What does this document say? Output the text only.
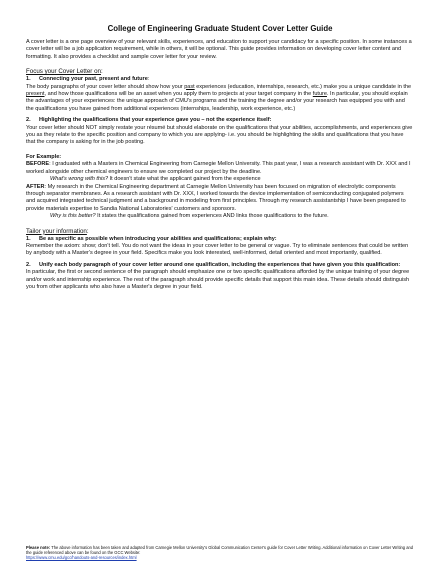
College of Engineering Graduate Student Cover Letter Guide

A cover letter is a one page overview of your relevant skills, experiences, and education to support your candidacy for a specific position. In some instances a cover letter will be a job application requirement, while in others, it will be optional. This guide provides information on developing cover letter content and formatting. It also provides a checklist and sample cover letter for your review.

Focus your Cover Letter on:

1.	Connecting your past, present and future:

The body paragraphs of your cover letter should show how your past experiences (education, internships, research, etc.) make you a unique candidate in the present, and how those qualifications will be an asset when you apply them to projects at your target company in the future. In particular, you should explain the advantages of your experiences: the unique approach of CMU's programs and the training the degree and/or your research has equipped you with and the qualifications you have gained from additional experiences (internships, leadership, work experience, etc.)

2.	Highlighting the qualifications that your experience gave you – not the experience itself:

Your cover letter should NOT simply restate your résumé but should elaborate on the qualifications that your abilities, accomplishments, and experiences give you as they relate to the specific position and company to which you are applying- i.e. you should be highlighting the skills and qualifications that you have that the company is asking for in the job posting.

For Example:

BEFORE: I graduated with a Masters in Chemical Engineering from Carnegie Mellon University. This past year, I was a research assistant with Dr. XXX and I worked alongside other chemical engineers to ensure we completed our project by the deadline.

What's wrong with this? It doesn't state what the applicant gained from the experience

AFTER: My research in the Chemical Engineering department at Carnegie Mellon University has been focused on migration of electrolytic components through separator membranes. As a research assistant with Dr. XXX, I worked towards the device implementation of semiconducting conjugated polymers and acquired integrated technical judgment and a background in modeling from first principles. Through my research assistantship I have been prepared to provide materials expertise to Sandia National Laboratories' customers and sponsors.

Why is this better? It states the qualifications gained from experiences AND links those qualifications to the future.

Tailor your information:

1.	Be as specific as possible when introducing your abilities and qualifications; explain why:

Remember the axiom: show; don't tell. You do not want the ideas in your cover letter to be general or vague. Try to eliminate sentences that could be written by anybody with a Master's degree in your field. Specifics make you look interested, well-informed, detail oriented and most importantly, qualified.

2.	Unify each body paragraph of your cover letter around one qualification, including the experiences that have given you this qualification:

In particular, the first or second sentence of the paragraph should emphasize one or two specific qualifications afforded by the unique training of your degree and/or work and internship experience. The rest of the paragraph should provide specific details that support this main idea. These details should distinguish you from other applicants who also have a Master's degree in your field.

Please note: The above information has been taken and adapted from Carnegie Mellon University's Global Communication Center's guide for Cover Letter Writing. Additional information on Cover Letter Writing and the guide referenced above can be found on the GCC Website:
https://www.cmu.edu/gcc/handouts-and-resources/index.html
